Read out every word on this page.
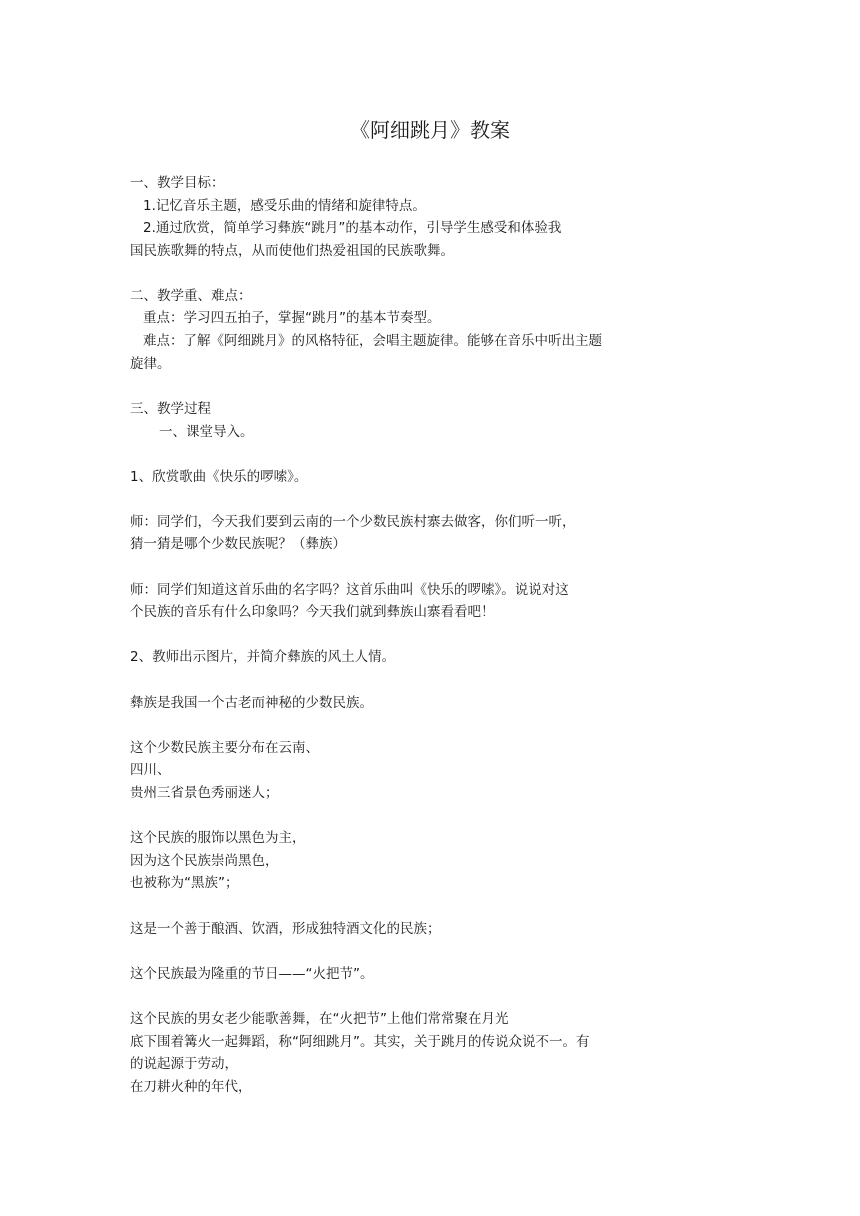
《阿细跳月》教案
一、教学目标：
1.记忆音乐主题，感受乐曲的情绪和旋律特点。
2.通过欣赏，简单学习彝族“跳月”的基本动作，引导学生感受和体验我
国民族歌舞的特点，从而使他们热爱祖国的民族歌舞。
二、教学重、难点：
重点：学习四五拍子，掌握“跳月”的基本节奏型。
难点：了解《阿细跳月》的风格特征，会唱主题旋律。能够在音乐中听出主题
旋律。
三、教学过程
一、课堂导入。
1、欣赏歌曲《快乐的啰嗦》。
师：同学们，今天我们要到云南的一个少数民族村寨去做客，你们听一听，
猜一猜是哪个少数民族呢？（彝族）
师：同学们知道这首乐曲的名字吗？这首乐曲叫《快乐的啰嗦》。说说对这
个民族的音乐有什么印象吗？今天我们就到彝族山寨看看吧！
2、教师出示图片，并简介彝族的风土人情。
彝族是我国一个古老而神秘的少数民族。
这个少数民族主要分布在云南、
四川、
贵州三省景色秀丽迷人；
这个民族的服饰以黑色为主，
因为这个民族崇尚黑色，
也被称为“黑族”；
这是一个善于酿酒、饮酒，形成独特酒文化的民族；
这个民族最为隆重的节日——“火把节”。
这个民族的男女老少能歌善舞，在“火把节”上他们常常聚在月光
底下围着篝火一起舞蹈，称“阿细跳月”。其实，关于跳月的传说众说不一。有
的说起源于劳动，
在刀耕火种的年代，
